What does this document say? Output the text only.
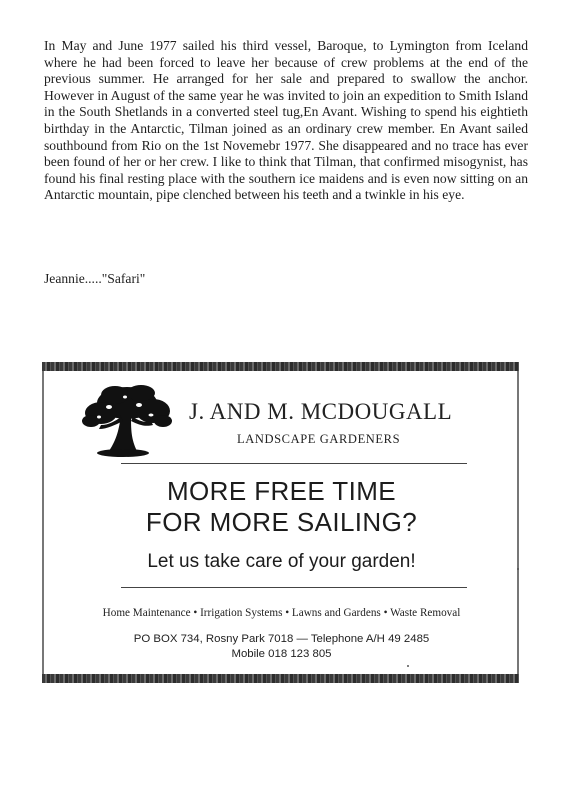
In May and June 1977 sailed his third vessel, Baroque, to Lymington from Iceland where he had been forced to leave her because of crew problems at the end of the previous summer. He arranged for her sale and prepared to swallow the anchor. However in August of the same year he was invited to join an expedition to Smith Island in the South Shetlands in a converted steel tug,En Avant. Wishing to spend his eightieth birthday in the Antarctic, Tilman joined as an ordinary crew member. En Avant sailed southbound from Rio on the 1st Novemebr 1977. She disappeared and no trace has ever been found of her or her crew. I like to think that Tilman, that confirmed misogynist, has found his final resting place with the southern ice maidens and is even now sitting on an Antarctic mountain, pipe clenched between his teeth and a twinkle in his eye.

Jeannie....."Safari"
J. AND M. MCDOUGALL
LANDSCAPE GARDENERS
MORE FREE TIME
FOR MORE SAILING?
Let us take care of your garden!
Home Maintenance • Irrigation Systems • Lawns and Gardens • Waste Removal
PO BOX 734, Rosny Park 7018 — Telephone A/H 49 2485
Mobile 018 123 805
